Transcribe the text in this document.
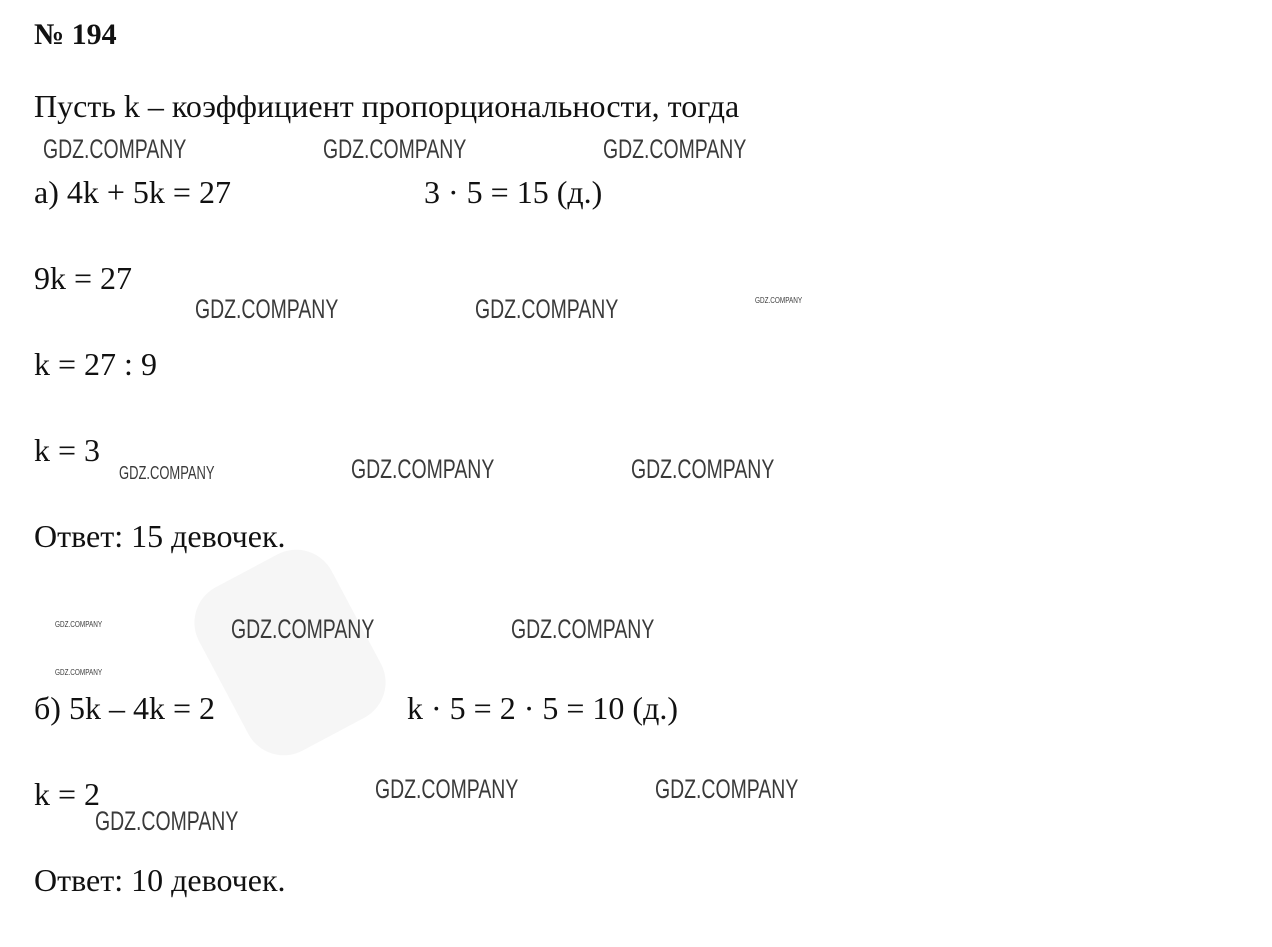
№ 194
Пусть k – коэффициент пропорциональности, тогда
а) 4k + 5k = 27	3 · 5 = 15 (д.)
9k = 27
k = 27 : 9
k = 3
Ответ: 15 девочек.
б) 5k – 4k = 2	k · 5 = 2 · 5 = 10 (д.)
k = 2
Ответ: 10 девочек.
GDZ.COMPANY	GDZ.COMPANY	GDZ.COMPANY
GDZ.COMPANY	GDZ.COMPANY	GDZ.COMPANY
GDZ.COMPANY	GDZ.COMPANY	GDZ.COMPANY
GDZ.COMPANY	GDZ.COMPANY	GDZ.COMPANY
GDZ.COMPANY
GDZ.COMPANY	GDZ.COMPANY
GDZ.COMPANY
